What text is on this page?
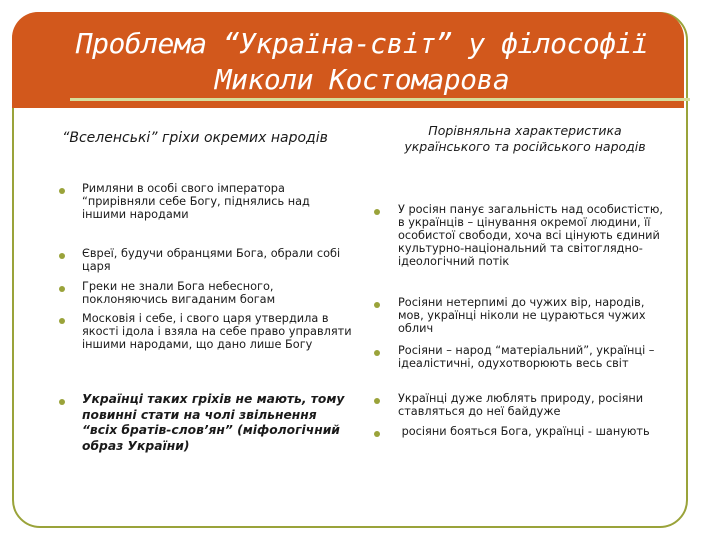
Проблема “Україна-світ” у філософії
Миколи Костомарова
“Вселенські” гріхи окремих народів
Римляни в особі свого імператора “прирівняли себе Богу, піднялись над іншими народами
Євреї, будучи обранцями Бога, обрали собі царя
Греки не знали Бога небесного, поклоняючись вигаданим богам
Московія і себе, і свого царя утвердила в якості ідола і взяла на себе право управляти іншими народами, що дано лише Богу
Українці таких гріхів не мають, тому повинні стати на чолі звільнення “всіх братів-слов’ян” (міфологічний образ України)
Порівняльна характеристика українського та російського народів
У росіян панує загальність над особистістю, в українців – цінування окремої людини, її особистої свободи, хоча всі цінують єдиний культурно-національний та світоглядно-ідеологічний потік
Росіяни нетерпимі до чужих вір, народів, мов, українці ніколи не цураються чужих облич
Росіяни – народ “матеріальний”, українці – ідеалістичні, одухотворюють весь світ
Українці дуже люблять природу, росіяни ставляться до неї байдуже
росіяни бояться Бога, українці - шанують
